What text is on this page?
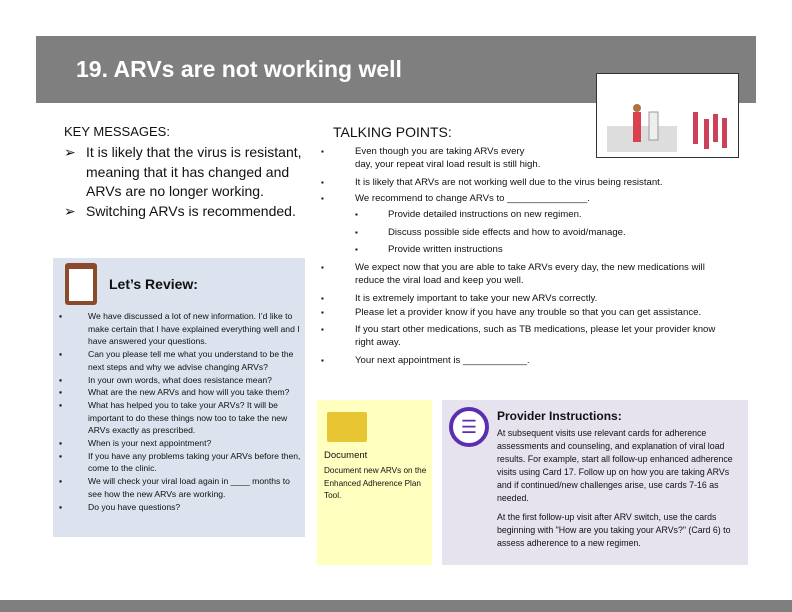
19. ARVs are not working well
KEY MESSAGES:
➢ It is likely that the virus is resistant, meaning that it has changed and ARVs are no longer working.
➢ Switching ARVs is recommended.
Let’s Review:
▪ We have discussed a lot of new information. I’d like to make certain that I have explained everything well and I have answered your questions.
▪ Can you please tell me what you understand to be the next steps and why we advise changing ARVs?
▪ In your own words, what does resistance mean?
▪ What are the new ARVs and how will you take them?
▪ What has helped you to take your ARVs? It will be important to do these things now too to take the new ARVs exactly as prescribed.
▪ When is your next appointment?
▪ If you have any problems taking your ARVs before then, come to the clinic.
▪ We will check your viral load again in ____ months to see how the new ARVs are working.
▪ Do you have questions?
TALKING POINTS:
▪ Even though you are taking ARVs every
day, your repeat viral load result is still high.
▪ It is likely that ARVs are not working well due to the virus being resistant.
▪ We recommend to change ARVs to _______________.
▪ Provide detailed instructions on new regimen.
▪ Discuss possible side effects and how to avoid/manage.
▪ Provide written instructions
▪ We expect now that you are able to take ARVs every day, the new medications will reduce the viral load and keep you well.
▪ It is extremely important to take your new ARVs correctly.
▪ Please let a provider know if you have any trouble so that you can get assistance.
▪ If you start other medications, such as TB medications, please let your provider know right away.
▪ Your next appointment is ____________.
Document

Document new ARVs on the Enhanced Adherence Plan Tool.

☰
Provider Instructions:

At subsequent visits use relevant cards for adherence assessments and counseling, and explanation of viral load results. For example, start all follow-up enhanced adherence visits using Card 17. Follow up on how you are taking ARVs and if continued/new challenges arise, use cards 7-16 as needed.

At the first follow-up visit after ARV switch, use the cards beginning with "How are you taking your ARVs?" (Card 6) to assess adherence to a new regimen.
